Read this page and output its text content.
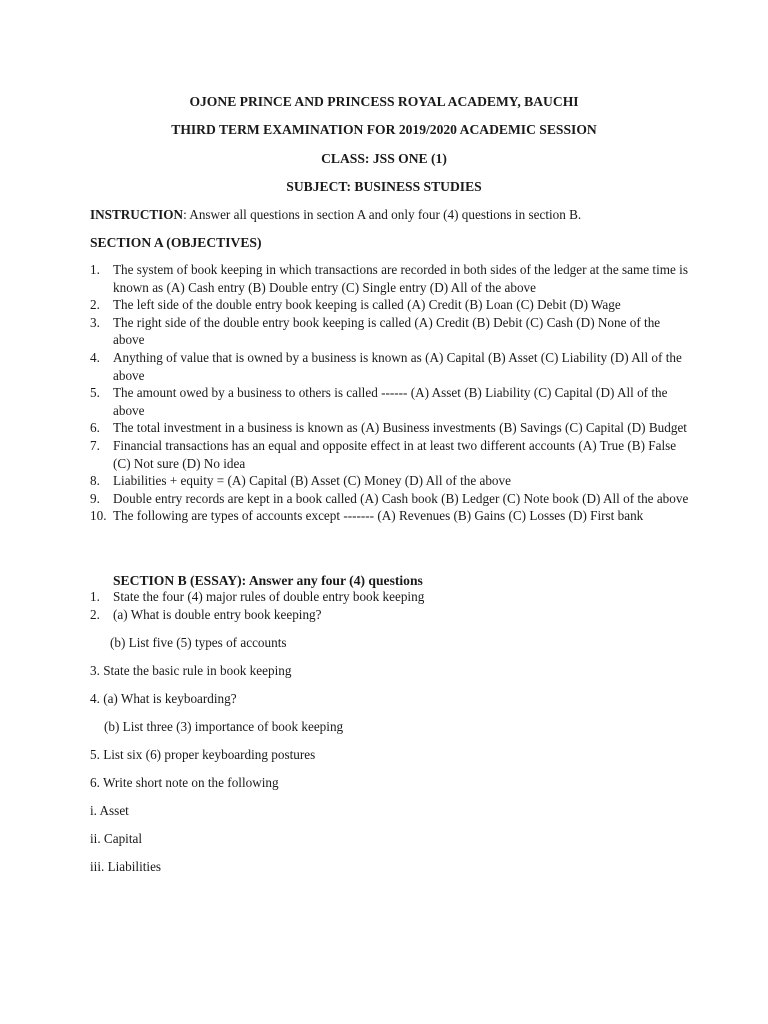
OJONE PRINCE AND PRINCESS ROYAL ACADEMY, BAUCHI
THIRD TERM EXAMINATION FOR 2019/2020 ACADEMIC SESSION
CLASS: JSS ONE (1)
SUBJECT: BUSINESS STUDIES
INSTRUCTION: Answer all questions in section A and only four (4) questions in section B.
SECTION A (OBJECTIVES)
1. The system of book keeping in which transactions are recorded in both sides of the ledger at the same time is known as (A) Cash entry (B) Double entry (C) Single entry (D) All of the above
2. The left side of the double entry book keeping is called (A) Credit (B) Loan (C) Debit (D) Wage
3. The right side of the double entry book keeping is called (A) Credit (B) Debit (C) Cash (D) None of the above
4. Anything of value that is owned by a business is known as (A) Capital (B) Asset (C) Liability (D) All of the above
5. The amount owed by a business to others is called ------ (A) Asset (B) Liability (C) Capital (D) All of the above
6. The total investment in a business is known as (A) Business investments (B) Savings (C) Capital (D) Budget
7. Financial transactions has an equal and opposite effect in at least two different accounts (A) True (B) False (C) Not sure (D) No idea
8. Liabilities + equity = (A) Capital (B) Asset (C) Money (D) All of the above
9. Double entry records are kept in a book called (A) Cash book (B) Ledger (C) Note book (D) All of the above
10. The following are types of accounts except ------- (A) Revenues (B) Gains (C) Losses (D) First bank
SECTION B (ESSAY): Answer any four (4) questions
1. State the four (4) major rules of double entry book keeping
2. (a) What is double entry book keeping?
(b) List five (5) types of accounts
3. State the basic rule in book keeping
4. (a) What is keyboarding?
(b) List three (3) importance of book keeping
5. List six (6) proper keyboarding postures
6. Write short note on the following
i. Asset
ii. Capital
iii. Liabilities
